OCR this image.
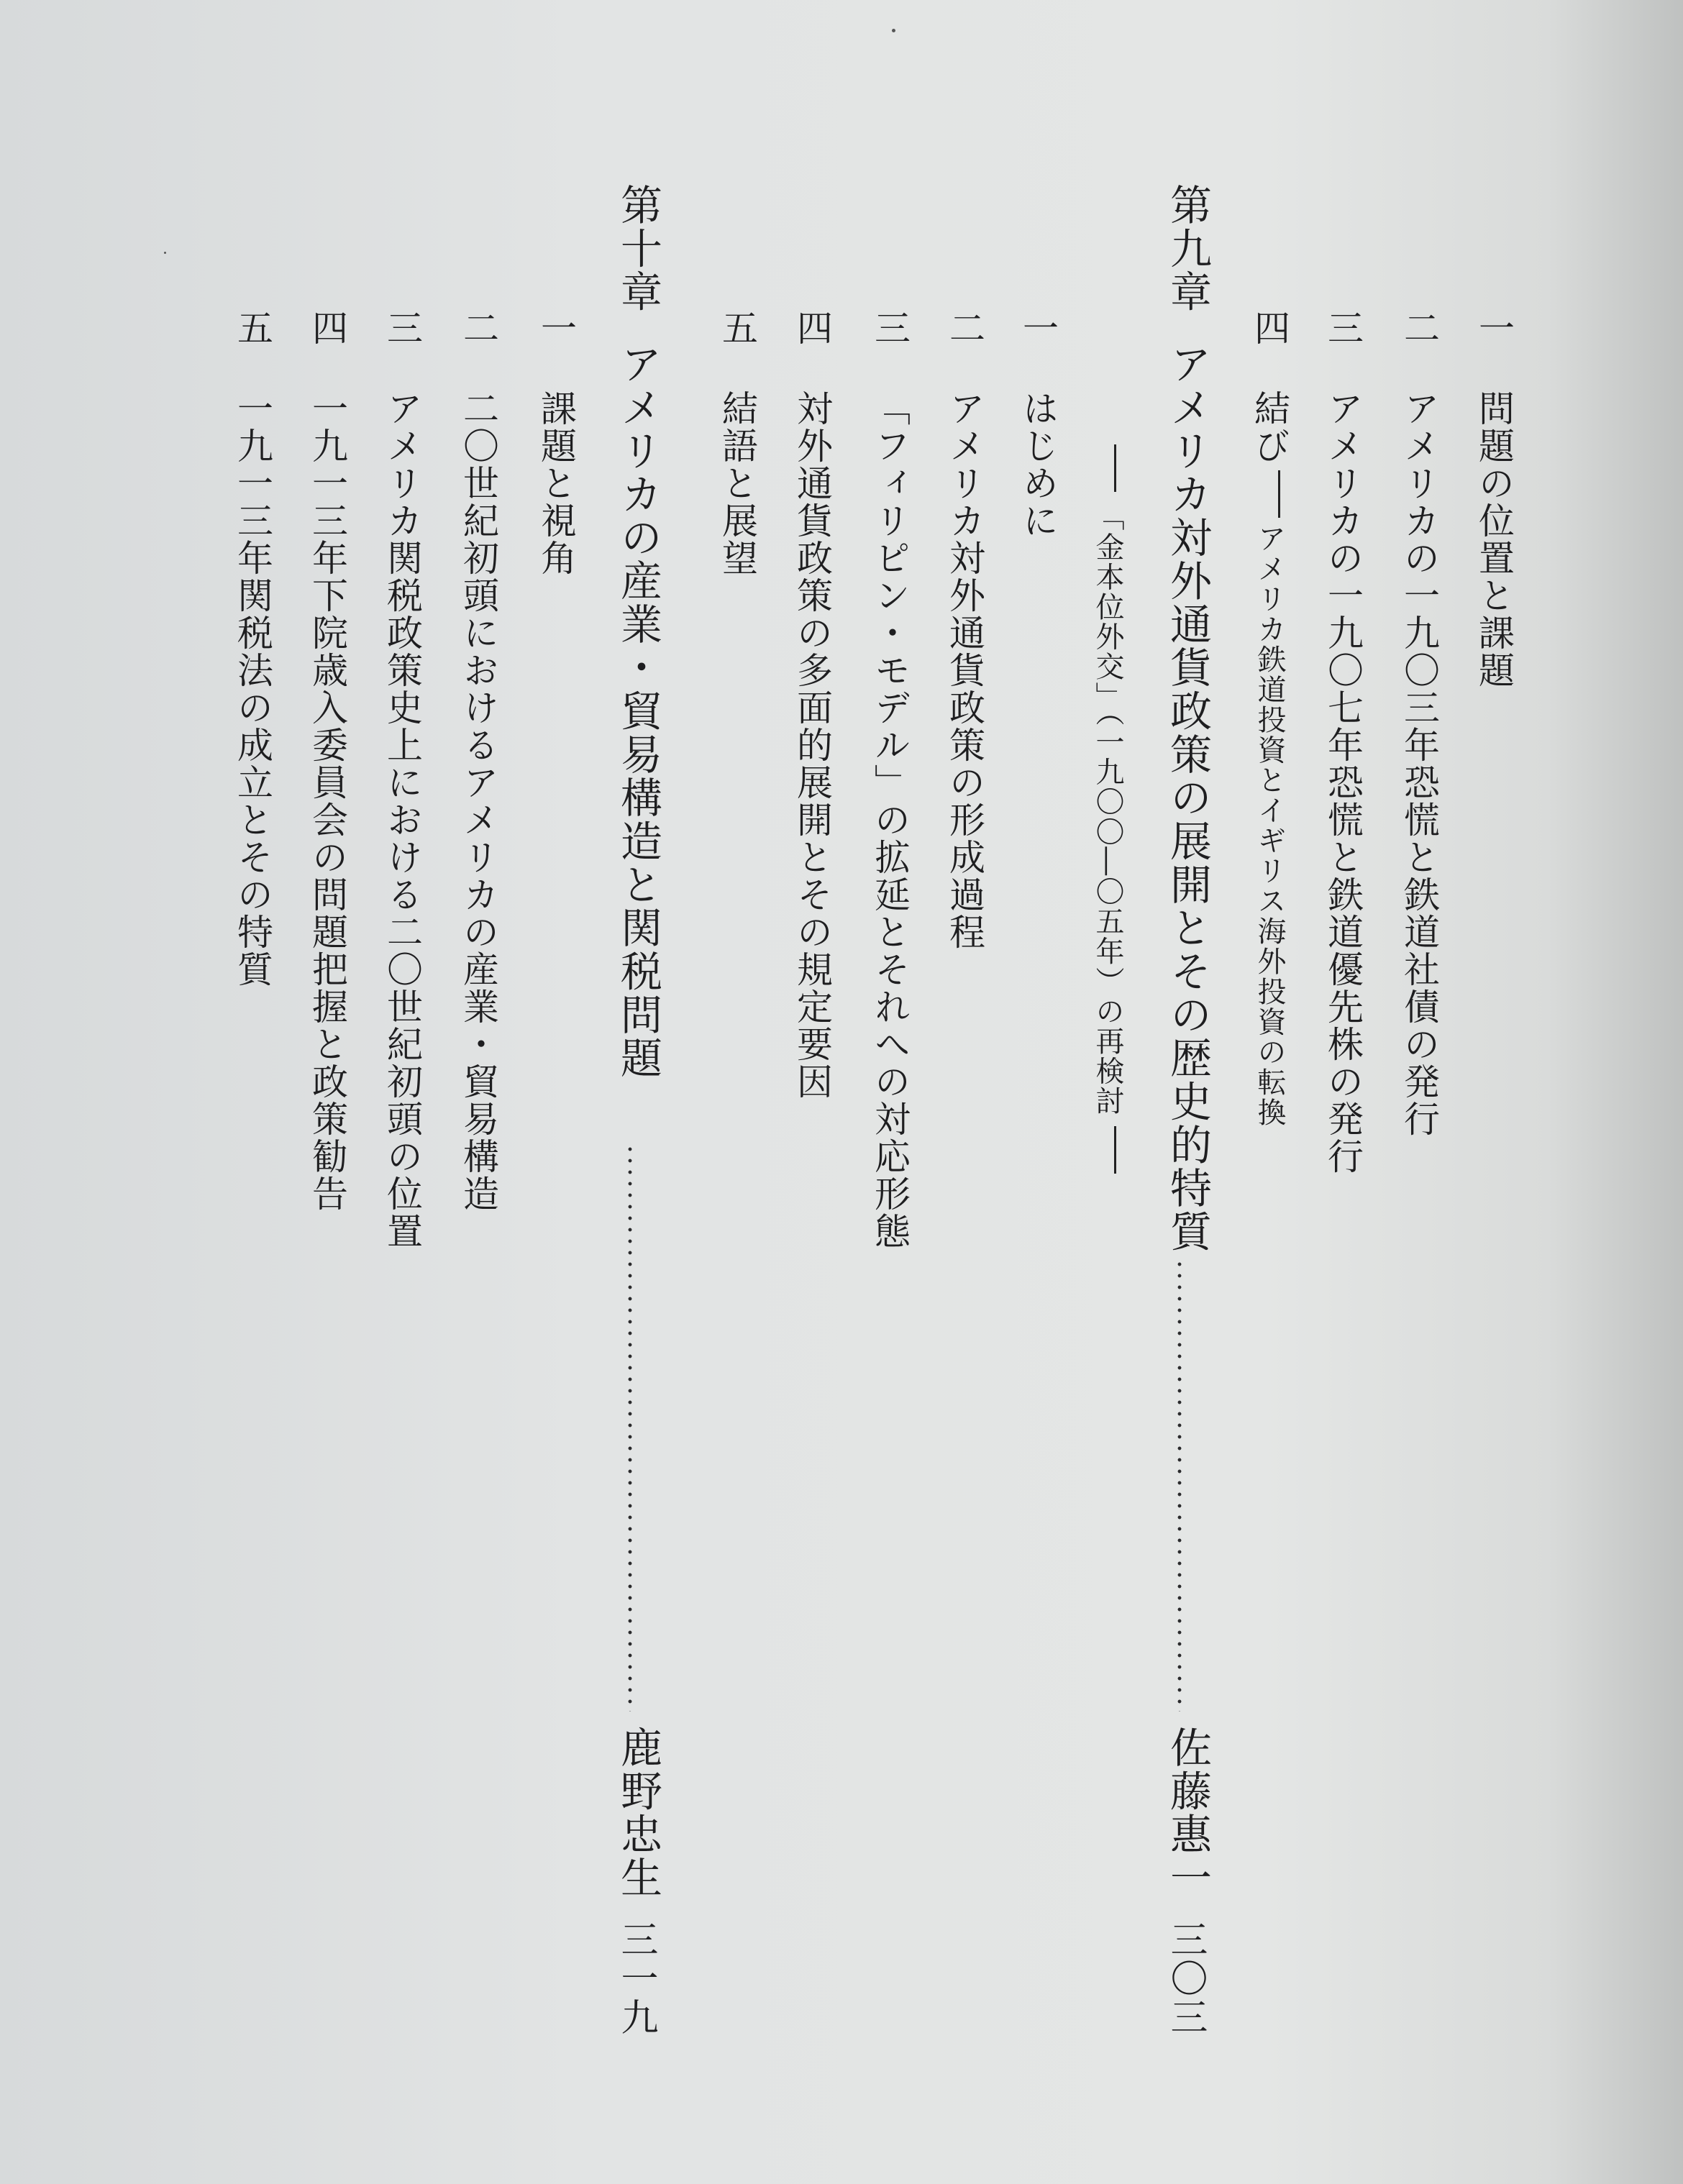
一問題の位置と課題
二アメリカの一九〇三年恐慌と鉄道社債の発行
三アメリカの一九〇七年恐慌と鉄道優先株の発行
四結びアメリカ鉄道投資とイギリス海外投資の転換
第九章アメリカ対外通貨政策の展開とその歴史的特質
佐藤惠一
三〇三
「金本位外交」（一九〇〇―〇五年）の再検討
一はじめに
二アメリカ対外通貨政策の形成過程
三「フィリピン・モデル」の拡延とそれへの対応形態
四対外通貨政策の多面的展開とその規定要因
五結語と展望
第十章アメリカの産業・貿易構造と関税問題
鹿野忠生
三一九
一課題と視角
二二〇世紀初頭におけるアメリカの産業・貿易構造
三アメリカ関税政策史上における二〇世紀初頭の位置
四一九一三年下院歳入委員会の問題把握と政策勧告
五一九一三年関税法の成立とその特質
